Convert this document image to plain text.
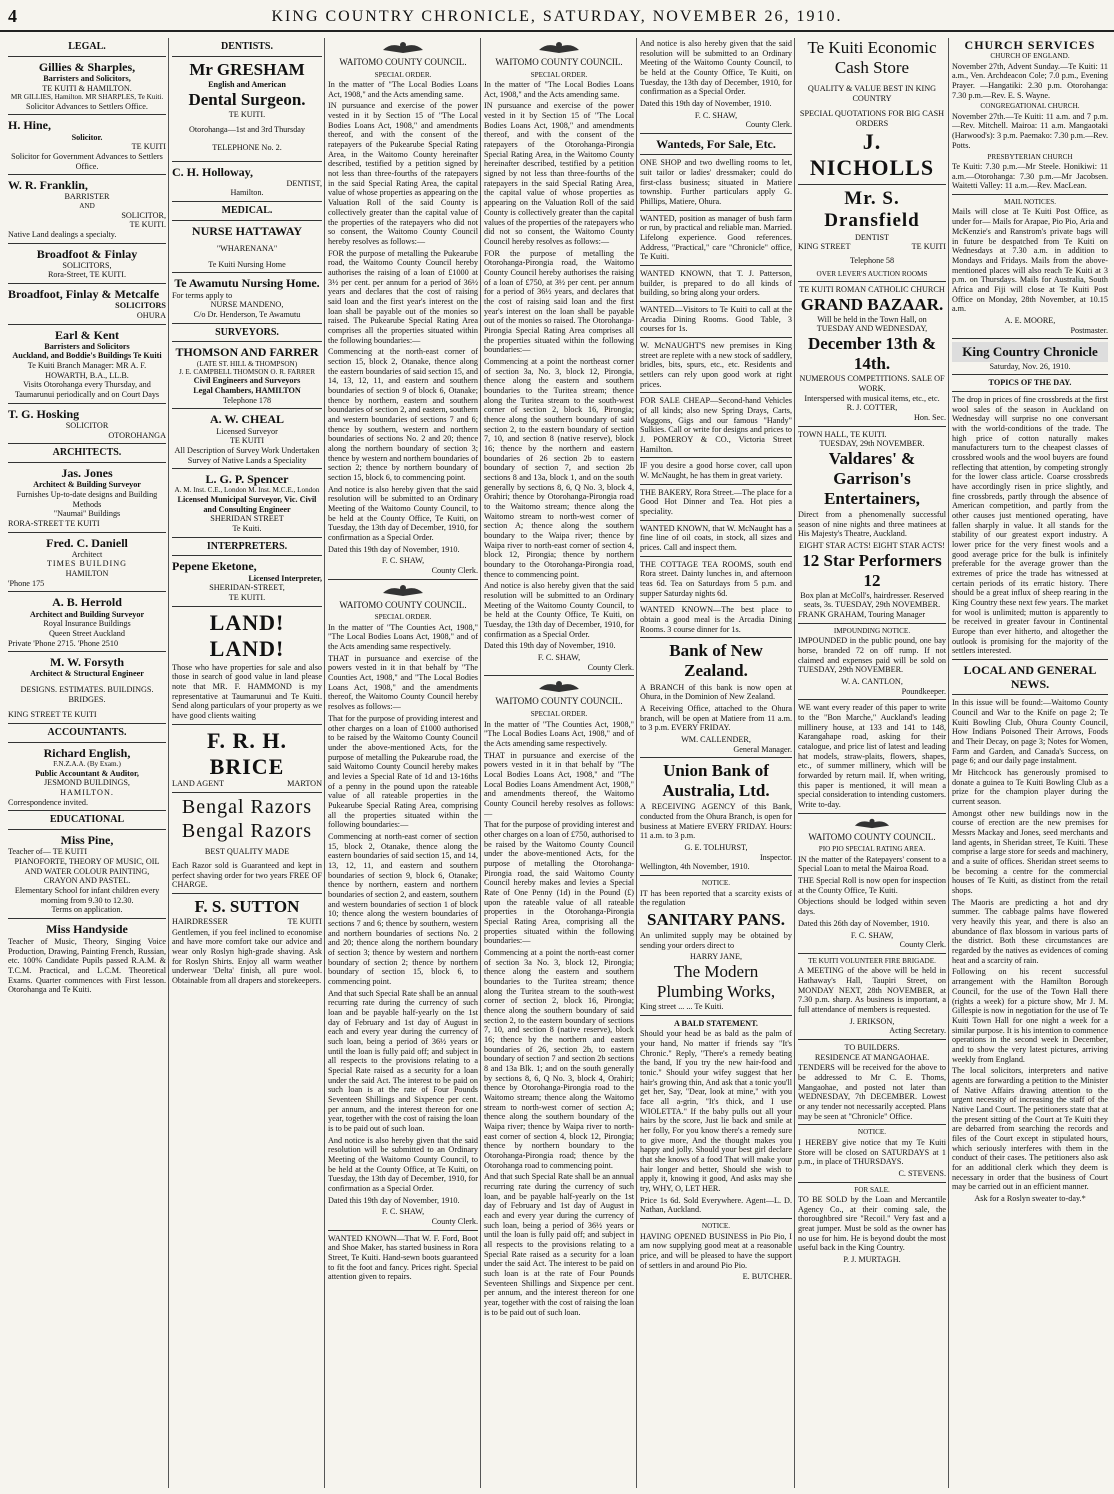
4	KING COUNTRY CHRONICLE, SATURDAY, NOVEMBER 26, 1910.
LEGAL.
Gillies & Sharples,
Barristers and Solicitors,
TE KUITI & HAMILTON.
MR GILLIES, Hamilton. MR SHARPLES, Te Kuiti.
Solicitor Advances to Settlers Office.
H. Hine,
Solicitor.
TE KUITI
Solicitor for Government Advances to Settlers Office.
W. R. Franklin,
BARRISTER
AND
SOLICITOR,
TE KUITI.
Native Land dealings a specialty.
Broadfoot & Finlay
SOLICITORS,
Rora-Street, TE KUITI.
Broadfoot, Finlay & Metcalfe
SOLICITORS
OHURA
Earl & Kent
Barristers and Solicitors
Auckland, and Boddie's Buildings Te Kuiti
Te Kuiti Branch Manager: MR A. F. HOWARTH, B.A., LL.B.
Visits Otorohanga every Thursday, and Taumarunui periodically and on Court Days
T. G. Hosking
SOLICITOR
OTOROHANGA
ARCHITECTS.
Jas. Jones
Architect & Building Surveyor
Furnishes Up-to-date designs and Building Methods
"Naumai" Buildings
RORA-STREET TE KUITI
Fred. C. Daniell
Architect
TIMES BUILDING
HAMILTON
'Phone 175
A. B. Herrold
Architect and Building Surveyor
Royal Insurance Buildings
Queen Street Auckland
Private 'Phone 2715. 'Phone 2510
M. W. Forsyth
Architect & Structural Engineer
DESIGNS. ESTIMATES. BUILDINGS. BRIDGES.
KING STREET TE KUITI
ACCOUNTANTS.
Richard English,
F.N.Z.A.A. (By Exam.)
Public Accountant & Auditor,
JESMOND BUILDINGS,
HAMILTON.
Correspondence invited.
EDUCATIONAL
Miss Pine,
Teacher of— TE KUITI
PIANOFORTE, THEORY OF MUSIC, OIL AND WATER COLOUR PAINTING, CRAYON AND PASTEL.
Elementary School for infant children every morning from 9.30 to 12.30.
Terms on application.
Miss Handyside

Teacher of Music, Theory, Singing Voice Production, Drawing, Painting French, Russian, etc. 100% Candidate Pupils passed R.A.M. & T.C.M. Practical, and L.C.M. Theoretical Exams. Quarter commences with First lesson. Otorohanga and Te Kuiti.

DENTISTS.
Mr GRESHAM
English and American
Dental Surgeon.
TE KUITI.
Otorohanga—1st and 3rd Thursday
TELEPHONE No. 2.
C. H. Holloway,
DENTIST,
Hamilton.
MEDICAL.
NURSE HATTAWAY
"WHARENANA"
Te Kuiti Nursing Home
Te Awamutu Nursing Home.
For terms apply to
NURSE MANDENO,
C/o Dr. Henderson, Te Awamutu
SURVEYORS.
THOMSON AND FARRER
(LATE ST. HILL & THOMPSON)
J. E. CAMPBELL THOMSON O. R. FARRER
Civil Engineers and Surveyors
Legal Chambers, HAMILTON
Telephone 178
A. W. CHEAL
Licensed Surveyor
TE KUITI
All Description of Survey Work Undertaken
Survey of Native Lands a Speciality
L. G. P. Spencer
A. M. Inst. C.E., London M. Inst. M.C.E., London
Licensed Municipal Surveyor, Vic. Civil and Consulting Engineer
SHERIDAN STREET
Te Kuiti.
INTERPRETERS.
Pepene Eketone,
Licensed Interpreter,
SHERIDAN-STREET,
TE KUITI.
LAND! LAND!

Those who have properties for sale and also those in search of good value in land please note that MR. F. HAMMOND is my representative at Taumarunui and Te Kuiti. Send along particulars of your property as we have good clients waiting

F. R. H. BRICE
LAND AGENT	MARTON
Bengal Razors
Bengal Razors
BEST QUALITY MADE

Each Razor sold is Guaranteed and kept in perfect shaving order for two years FREE OF CHARGE.

F. S. SUTTON
HAIRDRESSER	TE KUITI

Gentlemen, if you feel inclined to economise and have more comfort take our advice and wear only Roslyn high-grade shaving. Ask for Roslyn Shirts. Enjoy all warm weather underwear 'Delta' finish, all pure wool. Obtainable from all drapers and storekeepers.

WAITOMO COUNTY COUNCIL.
SPECIAL ORDER.

In the matter of "The Local Bodies Loans Act, 1908," and the Acts amending same.

IN pursuance and exercise of the power vested in it by Section 15 of "The Local Bodies Loans Act, 1908," and amendments thereof, and with the consent of the ratepayers of the Pukearube Special Rating Area, in the Waitomo County hereinafter described, testified by a petition signed by not less than three-fourths of the ratepayers in the said Special Rating Area, the capital value of whose properties as appearing on the Valuation Roll of the said County is collectively greater than the capital value of the properties of the ratepayers who did not so consent, the Waitomo County Council hereby resolves as follows:—

FOR the purpose of metalling the Pukearube road, the Waitomo County Council hereby authorises the raising of a loan of £1000 at 3½ per cent. per annum for a period of 36½ years and declares that the cost of raising said loan and the first year's interest on the loan shall be payable out of the monies so raised. The Pukearube Special Rating Area comprises all the properties situated within the following boundaries:—

Commencing at the north-east corner of section 15, block 2, Otanake, thence along the eastern boundaries of said section 15, and 14, 13, 12, 11, and eastern and southern boundaries of section 9 of block 6, Otanake; thence by northern, eastern and southern boundaries of section 2, and eastern, southern and western boundaries of sections 7 and 6; thence by southern, western and northern boundaries of sections No. 2 and 20; thence along the northern boundary of section 3; thence by western and northern boundaries of section 2; thence by northern boundary of section 15, block 6, to commencing point.

And notice is also hereby given that the said resolution will be submitted to an Ordinary Meeting of the Waitomo County Council, to be held at the County Office, Te Kuiti, on Tuesday, the 13th day of December, 1910, for confirmation as a Special Order.

Dated this 19th day of November, 1910.

F. C. SHAW,
County Clerk.
WAITOMO COUNTY COUNCIL.
SPECIAL ORDER.

In the matter of "The Counties Act, 1908," "The Local Bodies Loans Act, 1908," and of the Acts amending same respectively.

THAT in pursuance and exercise of the powers vested in it in that behalf by "The Counties Act, 1908," and "The Local Bodies Loans Act, 1908," and the amendments thereof, the Waitomo County Council hereby resolves as follows:—

That for the purpose of providing interest and other charges on a loan of £1000 authorised to be raised by the Waitomo County Council under the above-mentioned Acts, for the purpose of metalling the Pukearube road, the said Waitomo County Council hereby makes and levies a Special Rate of 1d and 13-16ths of a penny in the pound upon the rateable value of all rateable properties in the Pukearube Special Rating Area, comprising all the properties situated within the following boundaries:—

Commencing at north-east corner of section 15, block 2, Otanake, thence along the eastern boundaries of said section 15, and 14, 13, 12, 11, and eastern and southern boundaries of section 9, block 6, Otanake; thence by northern, eastern and northern boundaries of section 2, and eastern, southern and western boundaries of section 1 of block 10; thence along the western boundaries of sections 7 and 6; thence by southern, western and northern boundaries of sections No. 2 and 20; thence along the northern boundary of section 3; thence by western and northern boundary of section 2; thence by northern boundary of section 15, block 6, to commencing point.

And that such Special Rate shall be an annual recurring rate during the currency of such loan and be payable half-yearly on the 1st day of February and 1st day of August in each and every year during the currency of such loan, being a period of 36½ years or until the loan is fully paid off; and subject in all respects to the provisions relating to a Special Rate raised as a security for a loan under the said Act. The interest to be paid on such loan is at the rate of Four Pounds Seventeen Shillings and Sixpence per cent. per annum, and the interest thereon for one year, together with the cost of raising the loan is to be paid out of such loan.

And notice is also hereby given that the said resolution will be submitted to an Ordinary Meeting of the Waitomo County Council, to be held at the County Office, at Te Kuiti, on Tuesday, the 13th day of December, 1910, for confirmation as a Special Order.

Dated this 19th day of November, 1910.

F. C. SHAW,
County Clerk.

WANTED KNOWN—That W. F. Ford, Boot and Shoe Maker, has started business in Rora Street, Te Kuiti. Hand-sewn boots guaranteed to fit the foot and fancy. Prices right. Special attention given to repairs.

WAITOMO COUNTY COUNCIL.
SPECIAL ORDER.

In the matter of "The Local Bodies Loans Act, 1908," and the Acts amending same.

IN pursuance and exercise of the power vested in it by Section 15 of "The Local Bodies Loans Act, 1908," and amendments thereof, and with the consent of the ratepayers of the Otorohanga-Pirongia Special Rating Area, in the Waitomo County hereinafter described, testified by a petition signed by not less than three-fourths of the ratepayers in the said Special Rating Area, the capital value of whose properties as appearing on the Valuation Roll of the said County is collectively greater than the capital values of the properties of the ratepayers who did not so consent, the Waitomo County Council hereby resolves as follows:—

FOR the purpose of metalling the Otorohanga-Pirongia road, the Waitomo County Council hereby authorises the raising of a loan of £750, at 3½ per cent. per annum for a period of 36½ years, and declares that the cost of raising said loan and the first year's interest on the loan shall be payable out of the monies so raised. The Otorohanga-Pirongia Special Rating Area comprises all the properties situated within the following boundaries:—

Commencing at a point the northeast corner of section 3a, No. 3, block 12, Pirongia, thence along the eastern and southern boundaries to the Turitea stream; thence along the Turitea stream to the south-west corner of section 2, block 16, Pirongia; thence along the southern boundary of said section 2, to the eastern boundary of section 7, 10, and section 8 (native reserve), block 16; thence by the northern and eastern boundaries of 26 section 2b to eastern boundary of section 7, and section 2b sections 8 and 13a, block 1, and on the south generally by sections 8, 6, Q No. 3, block 4, Orahiri; thence by Otorohanga-Pirongia road to the Waitomo stream; thence along the Waitomo stream to north-west corner of section A; thence along the southern boundary to the Waipa river; thence by Waipa river to north-east corner of section 4, block 12, Pirongia; thence by northern boundary to the Otorohanga-Pirongia road, thence to commencing point.

And notice is also hereby given that the said resolution will be submitted to an Ordinary Meeting of the Waitomo County Council, to be held at the County Office, Te Kuiti, on Tuesday, the 13th day of December, 1910, for confirmation as a Special Order.

Dated this 19th day of November, 1910.

F. C. SHAW,
County Clerk.
WAITOMO COUNTY COUNCIL.
SPECIAL ORDER.

In the matter of "The Counties Act, 1908," "The Local Bodies Loans Act, 1908," and of the Acts amending same respectively.

THAT in pursuance and exercise of the powers vested in it in that behalf by "The Local Bodies Loans Act, 1908," and "The Local Bodies Loans Amendment Act, 1908," and amendments thereof, the Waitomo County Council hereby resolves as follows:—

That for the purpose of providing interest and other charges on a loan of £750, authorised to be raised by the Waitomo County Council under the above-mentioned Acts, for the purpose of metalling the Otorohanga-Pirongia road, the said Waitomo County Council hereby makes and levies a Special Rate of One Penny (1d) in the Pound (£) upon the rateable value of all rateable properties in the Otorohanga-Pirongia Special Rating Area, comprising all the properties situated within the following boundaries:—

Commencing at a point the north-east corner of section 3a No. 3, block 12, Pirongia; thence along the eastern and southern boundaries to the Turitea stream; thence along the Turitea stream to the south-west corner of section 2, block 16, Pirongia; thence along the southern boundary of said section 2, to the eastern boundary of sections 7, 10, and section 8 (native reserve), block 16; thence by the northern and eastern boundaries of 26, section 2b, to eastern boundary of section 7 and section 2b sections 8 and 13a Blk. 1; and on the south generally by sections 8, 6, Q No. 3, block 4, Orahiri; thence by Otorohanga-Pirongia road to the Waitomo stream; thence along the Waitomo stream to north-west corner of section A; thence along the southern boundary of the Waipa river; thence by Waipa river to north-east corner of section 4, block 12, Pirongia; thence by northern boundary to the Otorohanga-Pirongia road; thence by the Otorohanga road to commencing point.

And that such Special Rate shall be an annual recurring rate during the currency of such loan, and be payable half-yearly on the 1st day of February and 1st day of August in each and every year during the currency of such loan, being a period of 36½ years or until the loan is fully paid off; and subject in all respects to the provisions relating to a Special Rate raised as a security for a loan under the said Act. The interest to be paid on such loan is at the rate of Four Pounds Seventeen Shillings and Sixpence per cent. per annum, and the interest thereon for one year, together with the cost of raising the loan is to be paid out of such loan.

And notice is also hereby given that the said resolution will be submitted to an Ordinary Meeting of the Waitomo County Council, to be held at the County Office, Te Kuiti, on Tuesday, the 13th day of December, 1910, for confirmation as a Special Order.

Dated this 19th day of November, 1910.

F. C. SHAW,
County Clerk.
Wanteds, For Sale, Etc.

ONE SHOP and two dwelling rooms to let, suit tailor or ladies' dressmaker; could do first-class business; situated in Matiere township. Further particulars apply G. Phillips, Matiere, Ohura.

WANTED, position as manager of bush farm or run, by practical and reliable man. Married. Lifelong experience. Good references. Address, "Practical," care "Chronicle" office, Te Kuiti.

WANTED KNOWN, that T. J. Patterson, builder, is prepared to do all kinds of building, so bring along your orders.

WANTED—Visitors to Te Kuiti to call at the Arcadia Dining Rooms. Good Table, 3 courses for 1s.

W. McNAUGHT'S new premises in King street are replete with a new stock of saddlery, bridles, bits, spurs, etc., etc. Residents and settlers can rely upon good work at right prices.

FOR SALE CHEAP—Second-hand Vehicles of all kinds; also new Spring Drays, Carts, Waggons, Gigs and our famous "Handy" Sulkies. Call or write for designs and prices to J. POMEROY & CO., Victoria Street Hamilton.

IF you desire a good horse cover, call upon W. McNaught, he has them in great variety.

THE BAKERY, Rora Street.—The place for a Good Hot Dinner and Tea. Hot pies a speciality.

WANTED KNOWN, that W. McNaught has a fine line of oil coats, in stock, all sizes and prices. Call and inspect them.

THE COTTAGE TEA ROOMS, south end Rora street. Dainty lunches in, and afternoon teas 6d. Tea on Saturdays from 5 p.m. and supper Saturday nights 6d.

WANTED KNOWN—The best place to obtain a good meal is the Arcadia Dining Rooms. 3 course dinner for 1s.

Bank of New Zealand.

A BRANCH of this bank is now open at Ohura, in the Dominion of New Zealand.

A Receiving Office, attached to the Ohura branch, will be open at Matiere from 11 a.m. to 3 p.m. EVERY FRIDAY.

WM. CALLENDER,
General Manager.
Union Bank of Australia, Ltd.

A RECEIVING AGENCY of this Bank, conducted from the Ohura Branch, is open for business at Matiere EVERY FRIDAY. Hours: 11 a.m. to 3 p.m.

G. E. TOLHURST,
Inspector.
Wellington, 4th November, 1910.
NOTICE.

IT has been reported that a scarcity exists of the regulation

SANITARY PANS.

An unlimited supply may be obtained by sending your orders direct to

HARRY JANE,
The Modern Plumbing Works,
King street ... ... Te Kuiti.
A BALD STATEMENT.

Should your head be as bald as the palm of your hand, No matter if friends say "It's Chronic." Reply, "There's a remedy beating the band, If you try the new hair-food and tonic." Should your wifey suggest that her hair's growing thin, And ask that a tonic you'll get her, Say, "Dear, look at mine," with you face all a-grin, "It's thick, and I use WIOLETTA." If the baby pulls out all your hairs by the score, Just lie back and smile at her folly, For you know there's a remedy sure to give more, And the thought makes you happy and jolly. Should your best girl declare that she knows of a food That will make your hair longer and better, Should she wish to apply it, knowing it good, And asks may she try, WHY, O, LET HER.

Price 1s 6d. Sold Everywhere. Agent—L. D. Nathan, Auckland.

NOTICE.

HAVING OPENED BUSINESS in Pio Pio, I am now supplying good meat at a reasonable price, and will be pleased to have the support of settlers in and around Pio Pio.

E. BUTCHER.
Te Kuiti Economic Cash Store
QUALITY & VALUE BEST IN KING COUNTRY
SPECIAL QUOTATIONS FOR BIG CASH ORDERS
J. NICHOLLS
Mr. S. Dransfield
DENTIST
KING STREET	TE KUITI
Telephone 58
OVER LEVER'S AUCTION ROOMS
TE KUITI ROMAN CATHOLIC CHURCH
GRAND BAZAAR.
Will be held in the Town Hall, on TUESDAY AND WEDNESDAY,
December 13th & 14th.
NUMEROUS COMPETITIONS. SALE OF WORK.
Interspersed with musical items, etc., etc.
R. J. COTTER,
Hon. Sec.
TOWN HALL, TE KUITI.
TUESDAY, 29th NOVEMBER.
Valdares' & Garrison's Entertainers,

Direct from a phenomenally successful season of nine nights and three matinees at His Majesty's Theatre, Auckland.

EIGHT STAR ACTS! EIGHT STAR ACTS!
12 Star Performers 12
Box plan at McColl's, hairdresser. Reserved seats, 3s. TUESDAY, 29th NOVEMBER.
FRANK GRAHAM, Touring Manager
IMPOUNDING NOTICE.

IMPOUNDED in the public pound, one bay horse, branded 72 on off rump. If not claimed and expenses paid will be sold on TUESDAY, 29th NOVEMBER.

W. A. CANTLON,
Poundkeeper.

WE want every reader of this paper to write to the "Bon Marche," Auckland's leading millinery house, at 133 and 141 to 148, Karangahape road, asking for their catalogue, and price list of latest and leading hat models, straw-plaits, flowers, shapes, etc., of summer millinery, which will be forwarded by return mail. If, when writing, this paper is mentioned, it will mean a special consideration to intending customers. Write to-day.

WAITOMO COUNTY COUNCIL.
PIO PIO SPECIAL RATING AREA.

IN the matter of the Ratepayers' consent to a Special Loan to metal the Mairoa Road.

THE Special Roll is now open for inspection at the County Office, Te Kuiti.

Objections should be lodged within seven days.

Dated this 26th day of November, 1910.

F. C. SHAW,
County Clerk.
TE KUITI VOLUNTEER FIRE BRIGADE.

A MEETING of the above will be held in Hathaway's Hall, Taupiri Street, on MONDAY NEXT, 28th NOVEMBER, at 7.30 p.m. sharp. As business is important, a full attendance of members is requested.

J. ERIKSON,
Acting Secretary.
TO BUILDERS.
RESIDENCE AT MANGAOHAE.

TENDERS will be received for the above to be addressed to Mr C. E. Thoms, Mangaohae, and posted not later than WEDNESDAY, 7th DECEMBER. Lowest or any tender not necessarily accepted. Plans may be seen at "Chronicle" Office.

NOTICE.

I HEREBY give notice that my Te Kuiti Store will be closed on SATURDAYS at 1 p.m., in place of THURSDAYS.

C. STEVENS.
FOR SALE.

TO BE SOLD by the Loan and Mercantile Agency Co., at their coming sale, the thoroughbred sire "Recoil." Very fast and a great jumper. Must be sold as the owner has no use for him. He is beyond doubt the most useful back in the King Country.

P. J. MURTAGH.
CHURCH SERVICES
CHURCH OF ENGLAND.

November 27th, Advent Sunday.—Te Kuiti: 11 a.m., Ven. Archdeacon Cole; 7.0 p.m., Evening Prayer. —Hangatiki: 2.30 p.m. Otorohanga: 7.30 p.m.—Rev. E. S. Wayne.

CONGREGATIONAL CHURCH.

November 27th.—Te Kuiti: 11 a.m. and 7 p.m.—Rev. Mitchell. Mairoa: 11 a.m. Mangaotaki (Harwood's): 3 p.m. Paemako: 7.30 p.m.—Rev. Potts.

PRESBYTERIAN CHURCH

Te Kuiti: 7.30 p.m.—Mr Steele. Honikiwi: 11 a.m.—Otorohanga: 7.30 p.m.—Mr Jacobsen. Waitetti Valley: 11 a.m.—Rev. MacLean.

MAIL NOTICES.

Mails will close at Te Kuiti Post Office, as under for— Mails for Arapae, Pio Pio, Aria and McKenzie's and Ranstrom's private bags will in future be despatched from Te Kuiti on Wednesdays at 7.30 a.m. in addition to Mondays and Fridays. Mails from the above-mentioned places will also reach Te Kuiti at 3 p.m. on Thursdays. Mails for Australia, South Africa and Fiji will close at Te Kuiti Post Office on Monday, 28th November, at 10.15 a.m.

A. E. MOORE,
Postmaster.
King Country Chronicle
Saturday, Nov. 26, 1910.
TOPICS OF THE DAY.

The drop in prices of fine crossbreds at the first wool sales of the season in Auckland on Wednesday will surprise no one conversant with the world-conditions of the trade. The high price of cotton naturally makes manufacturers turn to the cheapest classes of crossbred wools and the wool buyers are found reflecting that attention, by competing strongly for the lower class article. Coarse crossbreds have accordingly risen in price slightly, and fine crossbreds, partly through the absence of American competition, and partly from the other causes just mentioned operating, have fallen sharply in value. It all stands for the stability of our greatest export industry. A lower price for the very finest wools and a good average price for the bulk is infinitely preferable for the average grower than the extremes of price the trade has witnessed at certain periods of its erratic history. There should be a great influx of sheep rearing in the King Country these next few years. The market for wool is unlimited; mutton is apparently to be received in greater favour in Continental Europe than ever hitherto, and altogether the outlook is promising for the majority of the settlers interested.

LOCAL AND GENERAL NEWS.

In this issue will be found:—Waitomo County Council and War to the Knife on page 2; Te Kuiti Bowling Club, Ohura County Council, How Indians Poisoned Their Arrows, Foods and Their Decay, on page 3; Notes for Women, Farm and Garden, and Canada's Success, on page 6; and our daily page instalment.

Mr Hitchcock has generously promised to donate a guinea to Te Kuiti Bowling Club as a prize for the champion player during the current season.

Amongst other new buildings now in the course of erection are the new premises for Messrs Mackay and Jones, seed merchants and land agents, in Sheridan street, Te Kuiti. These comprise a large store for seeds and machinery, and a suite of offices. Sheridan street seems to be becoming a centre for the commercial houses of Te Kuiti, as distinct from the retail shops.

The Maoris are predicting a hot and dry summer. The cabbage palms have flowered very heavily this year, and there is also an abundance of flax blossom in various parts of the district. Both these circumstances are regarded by the natives as evidences of coming heat and a scarcity of rain.

Following on his recent successful arrangement with the Hamilton Borough Council, for the use of the Town Hall there (rights a week) for a picture show, Mr J. M. Gillespie is now in negotiation for the use of Te Kuiti Town Hall for one night a week for a similar purpose. It is his intention to commence operations in the second week in December, and to show the very latest pictures, arriving weekly from England.

The local solicitors, interpreters and native agents are forwarding a petition to the Minister of Native Affairs drawing attention to the urgent necessity of increasing the staff of the Native Land Court. The petitioners state that at the present sitting of the Court at Te Kuiti they are debarred from searching the records and files of the Court except in stipulated hours, which seriously interferes with them in the conduct of their cases. The petitioners also ask for an additional clerk which they deem is necessary in order that the business of Court may be carried out in an efficient manner.

Ask for a Roslyn sweater to-day.*
